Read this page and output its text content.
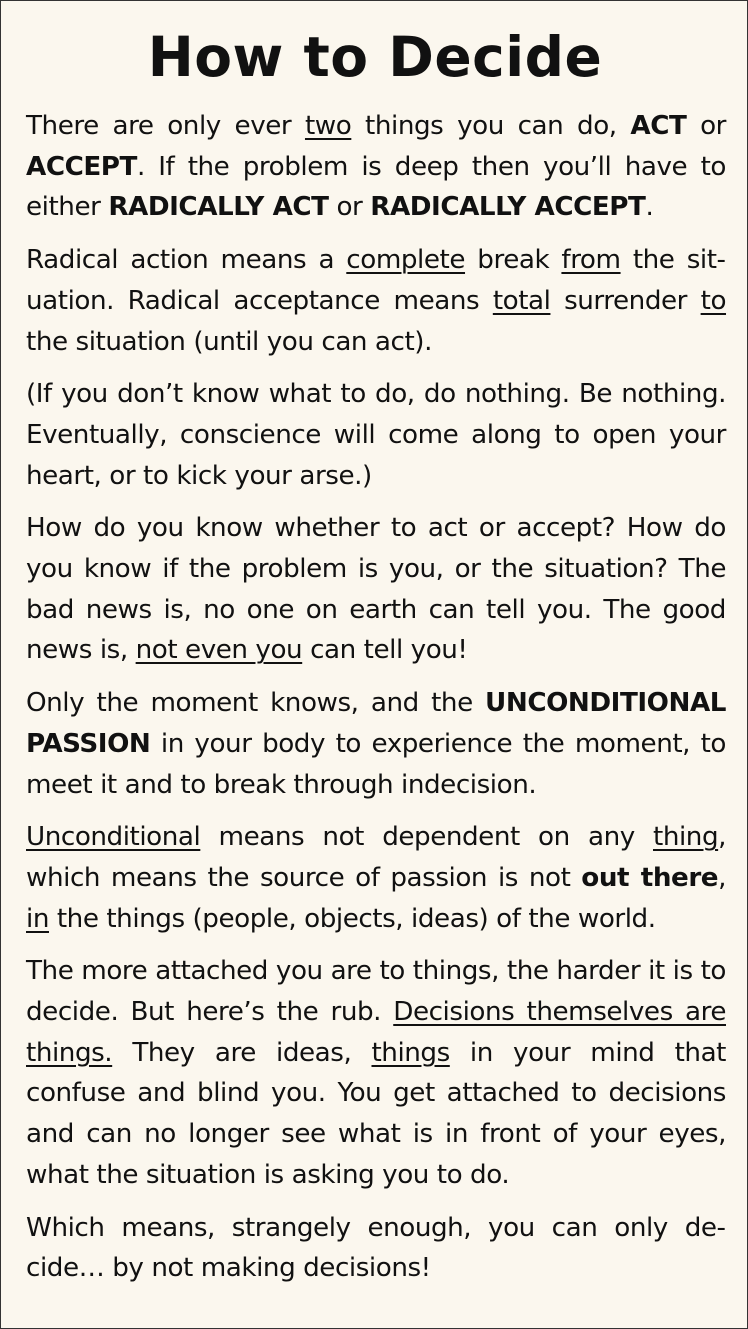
How to Decide

There are only ever two things you can do, ACT or ACCEPT. If the problem is deep then you’ll have to either RADICALLY ACT or RADICALLY ACCEPT.

Radical action means a complete break from the situation. Radical acceptance means total surrender to the situation (until you can act).

(If you don’t know what to do, do nothing. Be nothing. Eventually, conscience will come along to open your heart, or to kick your arse.)

How do you know whether to act or accept? How do you know if the problem is you, or the situation? The bad news is, no one on earth can tell you. The good news is, not even you can tell you!

Only the moment knows, and the UNCONDITIONAL PASSION in your body to experience the moment, to meet it and to break through indecision.

Unconditional means not dependent on any thing, which means the source of passion is not out there, in the things (people, objects, ideas) of the world.

The more attached you are to things, the harder it is to decide. But here’s the rub. Decisions themselves are things. They are ideas, things in your mind that confuse and blind you. You get attached to decisions and can no longer see what is in front of your eyes, what the situation is asking you to do.

Which means, strangely enough, you can only decide… by not making decisions!
